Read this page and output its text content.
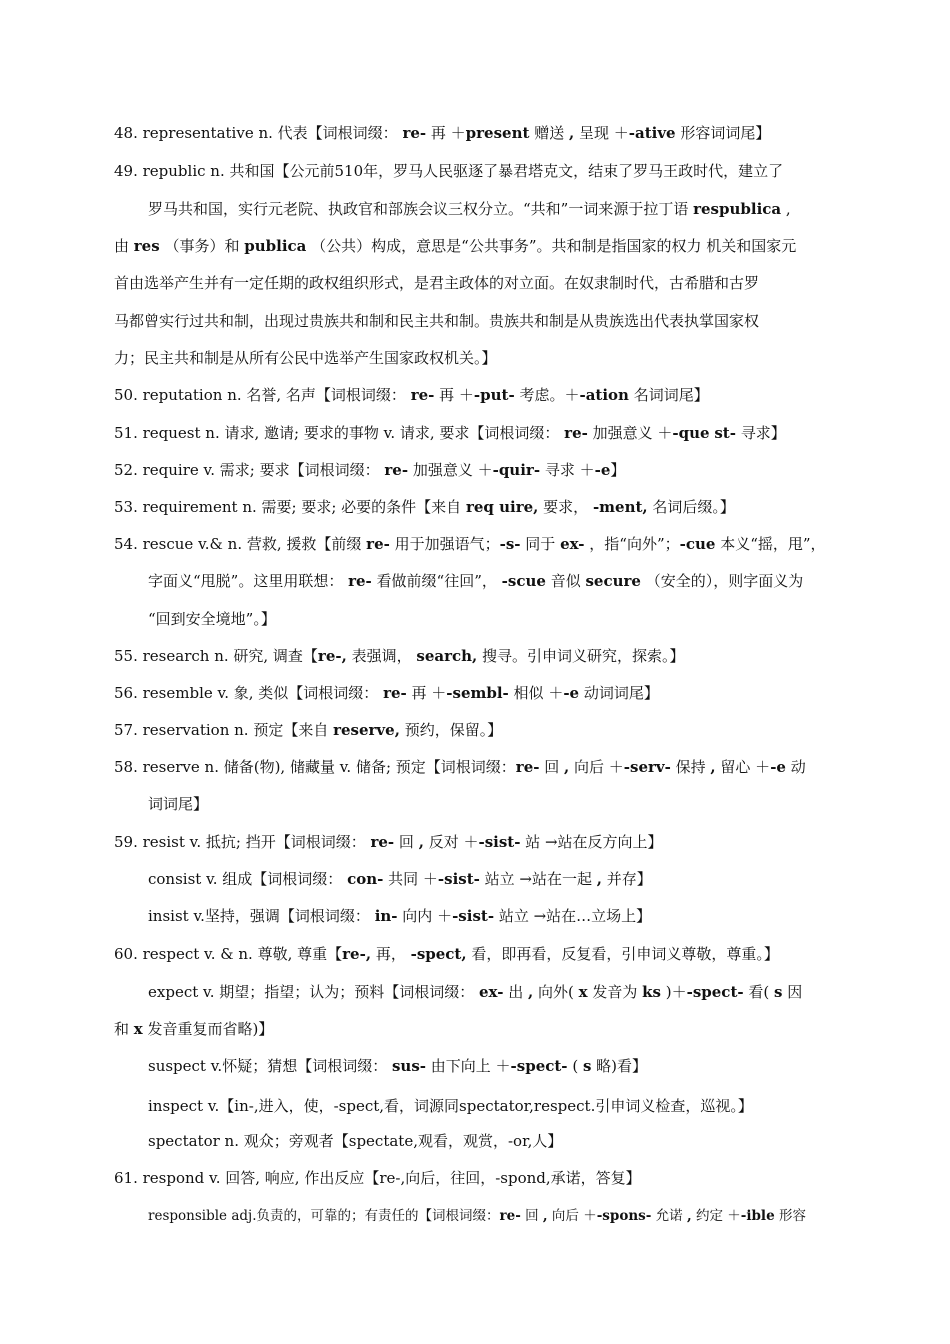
48. representative n. 代表【词根词缀： re- 再 ＋present 赠送 , 呈现 ＋-ative 形容词词尾】
49. republic n. 共和国【公元前510年，罗马人民驱逐了暴君塔克文，结束了罗马王政时代，建立了
罗马共和国，实行元老院、执政官和部族会议三权分立。“共和”一词来源于拉丁语 respublica ,
由 res （事务）和 publica （公共）构成，意思是“公共事务”。共和制是指国家的权力 机关和国家元
首由选举产生并有一定任期的政权组织形式，是君主政体的对立面。在奴隶制时代，古希腊和古罗
马都曾实行过共和制，出现过贵族共和制和民主共和制。贵族共和制是从贵族选出代表执掌国家权
力；民主共和制是从所有公民中选举产生国家政权机关。】
50. reputation n. 名誉, 名声【词根词缀： re- 再 ＋-put- 考虑。＋-ation 名词词尾】
51. request n. 请求, 邀请; 要求的事物 v. 请求, 要求【词根词缀： re- 加强意义 ＋-que st- 寻求】
52. require v. 需求; 要求【词根词缀： re- 加强意义 ＋-quir- 寻求 ＋-e】
53. requirement n. 需要; 要求; 必要的条件【来自 req uire, 要求， -ment, 名词后缀。】
54. rescue v.& n. 营救, 援救【前缀 re- 用于加强语气；-s- 同于 ex- ，指“向外”；-cue 本义“摇，甩”，
字面义“甩脱”。这里用联想： re- 看做前缀“往回”， -scue 音似 secure （安全的），则字面义为
“回到安全境地”。】
55. research n. 研究, 调查【re-, 表强调， search, 搜寻。引申词义研究，探索。】
56. resemble v. 象, 类似【词根词缀： re- 再 ＋-sembl- 相似 ＋-e 动词词尾】
57. reservation n. 预定【来自 reserve, 预约，保留。】
58. reserve n. 储备(物), 储藏量 v. 储备; 预定【词根词缀：re- 回 , 向后 ＋-serv- 保持 , 留心 ＋-e 动
词词尾】
59. resist v. 抵抗; 挡开【词根词缀： re- 回 , 反对 ＋-sist- 站 →站在反方向上】
consist v. 组成【词根词缀： con- 共同 ＋-sist- 站立 →站在一起 , 并存】
insist v.坚持，强调【词根词缀： in- 向内 ＋-sist- 站立 →站在…立场上】
60. respect v. & n. 尊敬, 尊重【re-, 再， -spect, 看，即再看，反复看，引申词义尊敬，尊重。】
expect v. 期望；指望；认为；预料【词根词缀： ex- 出 , 向外( x 发音为 ks )＋-spect- 看( s 因
和 x 发音重复而省略)】
suspect v.怀疑；猜想【词根词缀： sus- 由下向上 ＋-spect- ( s 略)看】
inspect v.【in-,进入，使，-spect,看，词源同spectator,respect.引申词义检查，巡视。】
spectator n. 观众；旁观者【spectate,观看，观赏，-or,人】
61. respond v. 回答, 响应, 作出反应【re-,向后，往回，-spond,承诺，答复】
responsible adj.负责的，可靠的；有责任的【词根词缀：re- 回 , 向后 ＋-spons- 允诺 , 约定 ＋-ible 形容
